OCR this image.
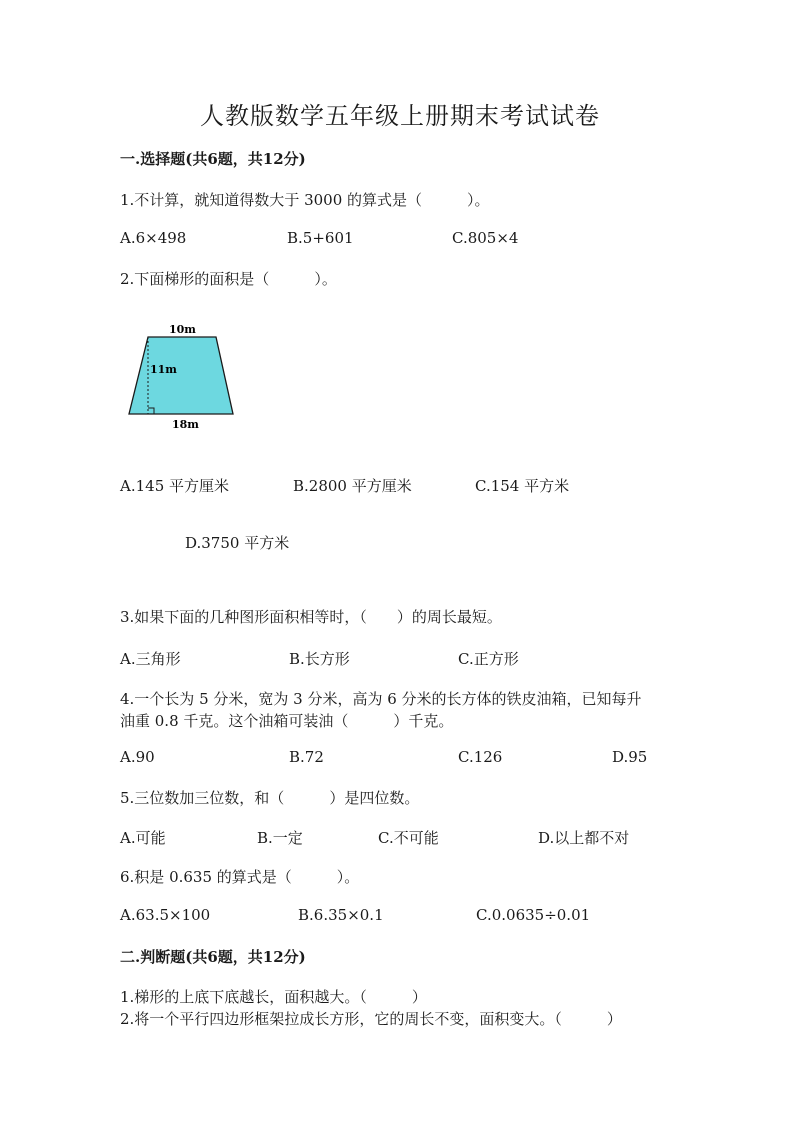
人教版数学五年级上册期末考试试卷
一.选择题(共6题，共12分)
1.不计算，就知道得数大于 3000 的算式是（　　　）。
A.6×498	B.5+601	C.805×4
2.下面梯形的面积是（　　　）。
10m
11m
18m
A.145 平方厘米	B.2800 平方厘米	C.154 平方米
D.3750 平方米
3.如果下面的几种图形面积相等时，（　　）的周长最短。
A.三角形	B.长方形	C.正方形
4.一个长为 5 分米，宽为 3 分米，高为 6 分米的长方体的铁皮油箱，已知每升
油重 0.8 千克。这个油箱可装油（　　　）千克。
A.90	B.72	C.126	D.95
5.三位数加三位数，和（　　　）是四位数。
A.可能	B.一定	C.不可能	D.以上都不对
6.积是 0.635 的算式是（　　　）。
A.63.5×100	B.6.35×0.1	C.0.0635÷0.01
二.判断题(共6题，共12分)
1.梯形的上底下底越长，面积越大。（　　　）
2.将一个平行四边形框架拉成长方形，它的周长不变，面积变大。（　　　）
